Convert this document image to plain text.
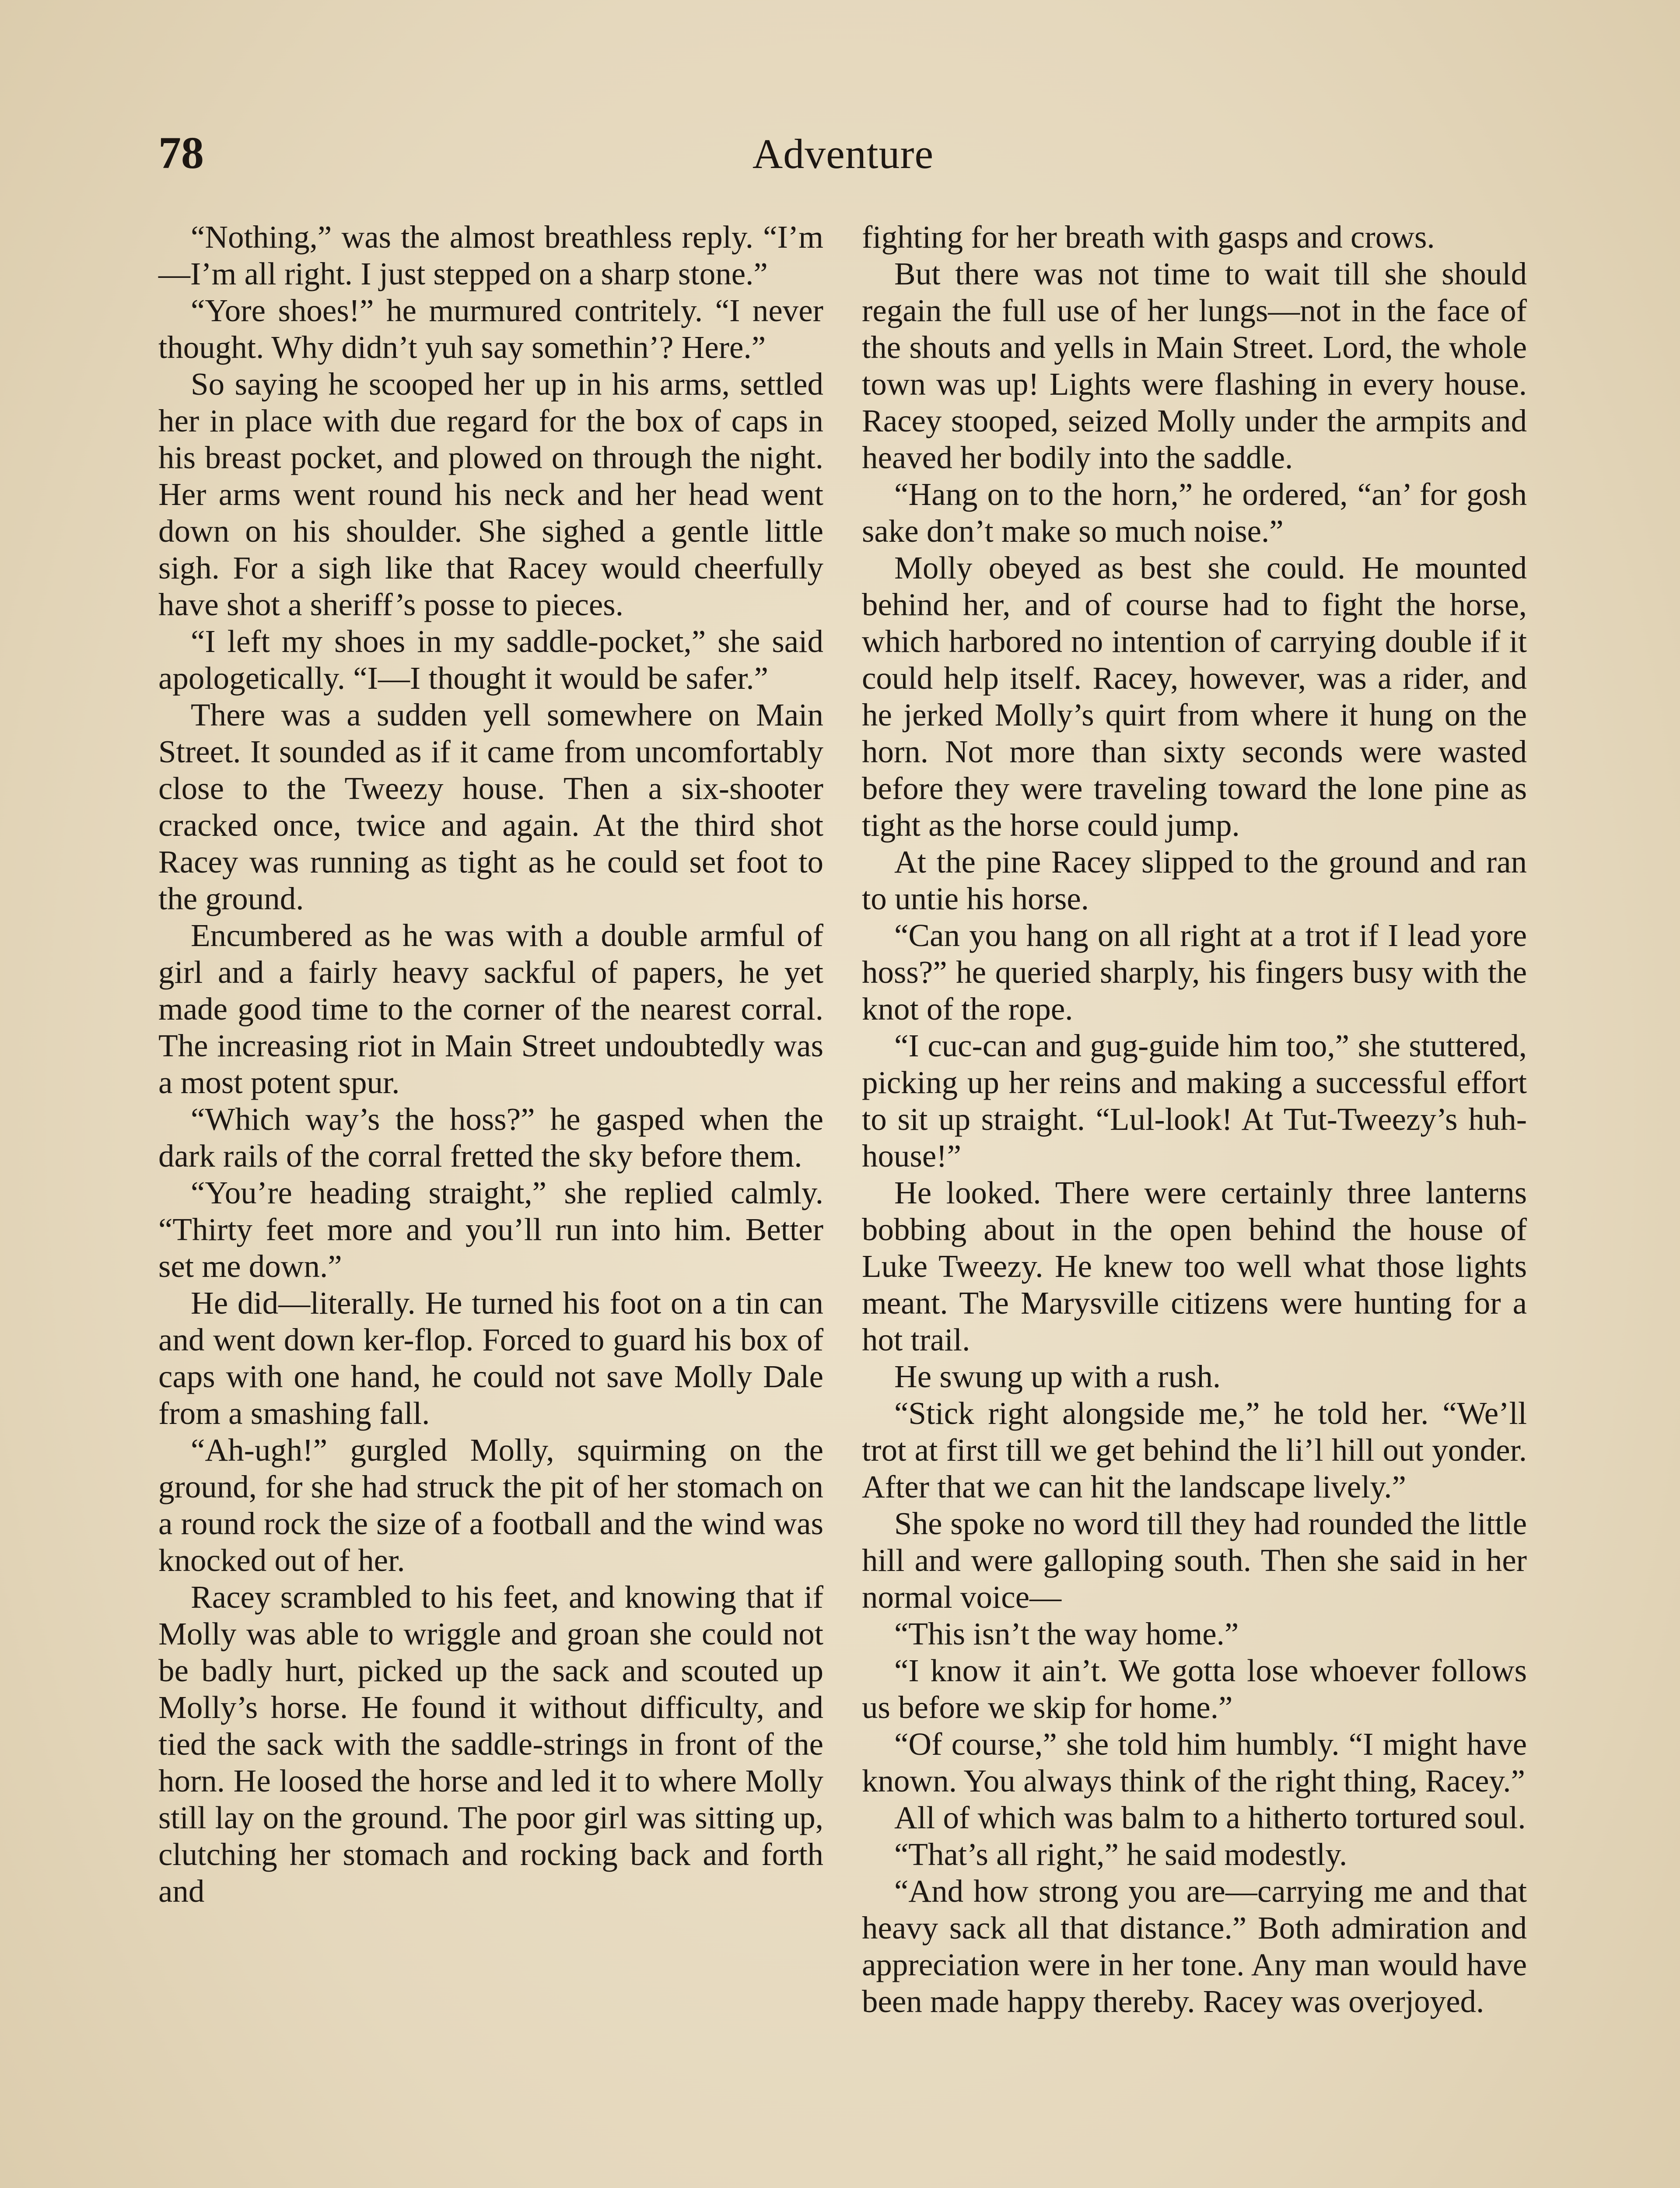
78	Adventure

“Nothing,” was the almost breathless reply. “I’m—I’m all right. I just stepped on a sharp stone.”

“Yore shoes!” he murmured contritely. “I never thought. Why didn’t yuh say somethin’? Here.”

So saying he scooped her up in his arms, settled her in place with due regard for the box of caps in his breast pocket, and plowed on through the night. Her arms went round his neck and her head went down on his shoulder. She sighed a gentle little sigh. For a sigh like that Racey would cheerfully have shot a sheriff’s posse to pieces.

“I left my shoes in my saddle-pocket,” she said apologetically. “I—I thought it would be safer.”

There was a sudden yell somewhere on Main Street. It sounded as if it came from uncomfortably close to the Tweezy house. Then a six-shooter cracked once, twice and again. At the third shot Racey was running as tight as he could set foot to the ground.

Encumbered as he was with a double armful of girl and a fairly heavy sackful of papers, he yet made good time to the corner of the nearest corral. The increasing riot in Main Street undoubtedly was a most potent spur.

“Which way’s the hoss?” he gasped when the dark rails of the corral fretted the sky before them.

“You’re heading straight,” she replied calmly. “Thirty feet more and you’ll run into him. Better set me down.”

He did—literally. He turned his foot on a tin can and went down ker-flop. Forced to guard his box of caps with one hand, he could not save Molly Dale from a smashing fall.

“Ah-ugh!” gurgled Molly, squirming on the ground, for she had struck the pit of her stomach on a round rock the size of a football and the wind was knocked out of her.

Racey scrambled to his feet, and knowing that if Molly was able to wriggle and groan she could not be badly hurt, picked up the sack and scouted up Molly’s horse. He found it without difficulty, and tied the sack with the saddle-strings in front of the horn. He loosed the horse and led it to where Molly still lay on the ground. The poor girl was sitting up, clutching her stomach and rocking back and forth and

fighting for her breath with gasps and crows.

But there was not time to wait till she should regain the full use of her lungs—not in the face of the shouts and yells in Main Street. Lord, the whole town was up! Lights were flashing in every house. Racey stooped, seized Molly under the armpits and heaved her bodily into the saddle.

“Hang on to the horn,” he ordered, “an’ for gosh sake don’t make so much noise.”

Molly obeyed as best she could. He mounted behind her, and of course had to fight the horse, which harbored no intention of carrying double if it could help itself. Racey, however, was a rider, and he jerked Molly’s quirt from where it hung on the horn. Not more than sixty seconds were wasted before they were traveling toward the lone pine as tight as the horse could jump.

At the pine Racey slipped to the ground and ran to untie his horse.

“Can you hang on all right at a trot if I lead yore hoss?” he queried sharply, his fingers busy with the knot of the rope.

“I cuc-can and gug-guide him too,” she stuttered, picking up her reins and making a successful effort to sit up straight. “Lul-look! At Tut-Tweezy’s huh-house!”

He looked. There were certainly three lanterns bobbing about in the open behind the house of Luke Tweezy. He knew too well what those lights meant. The Marysville citizens were hunting for a hot trail.

He swung up with a rush.

“Stick right alongside me,” he told her. “We’ll trot at first till we get behind the li’l hill out yonder. After that we can hit the landscape lively.”

She spoke no word till they had rounded the little hill and were galloping south. Then she said in her normal voice—

“This isn’t the way home.”

“I know it ain’t. We gotta lose whoever follows us before we skip for home.”

“Of course,” she told him humbly. “I might have known. You always think of the right thing, Racey.”

All of which was balm to a hitherto tortured soul.

“That’s all right,” he said modestly.

“And how strong you are—carrying me and that heavy sack all that distance.” Both admiration and appreciation were in her tone. Any man would have been made happy thereby. Racey was overjoyed.
